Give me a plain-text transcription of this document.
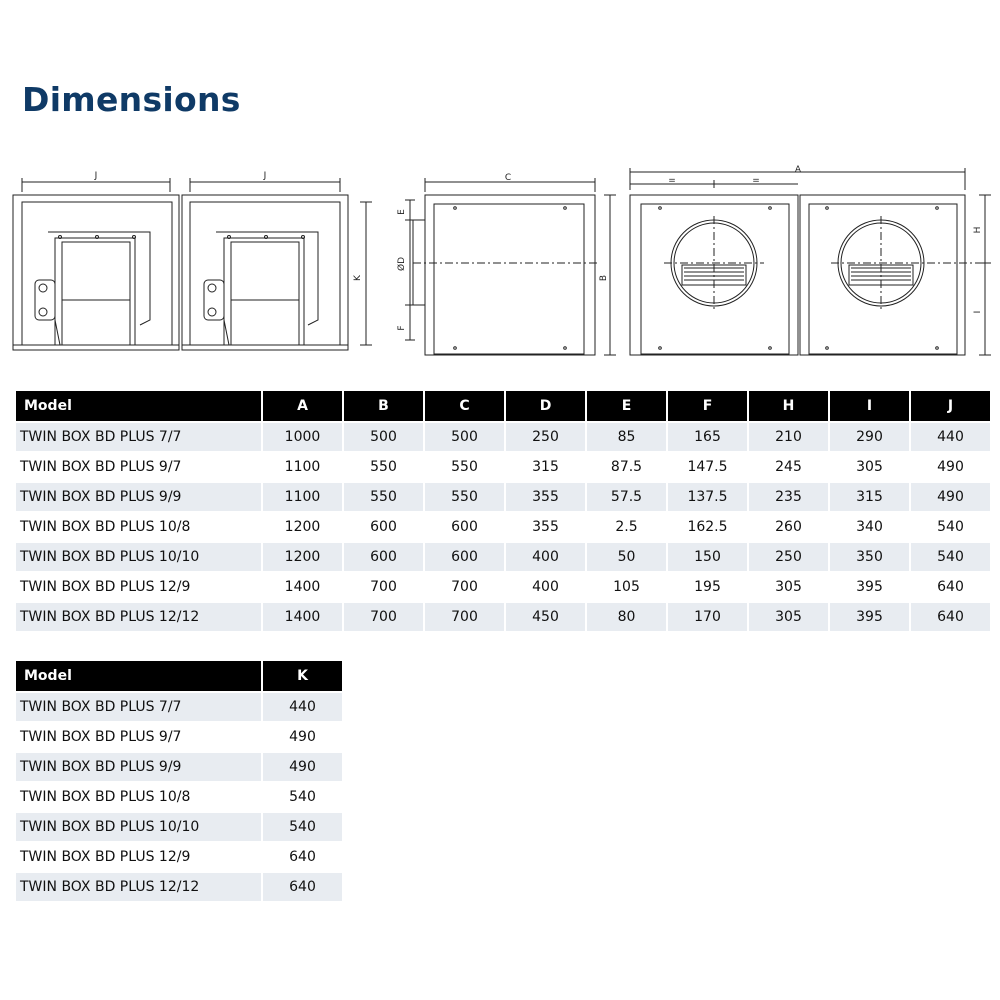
Dimensions
J	J
K
C
E
ØD
F
B
A
=	=
H
I
Model	A	B	C	D	E	F	H	I	J
TWIN BOX BD PLUS 7/7	1000	500	500	250	85	165	210	290	440
TWIN BOX BD PLUS 9/7	1100	550	550	315	87.5	147.5	245	305	490
TWIN BOX BD PLUS 9/9	1100	550	550	355	57.5	137.5	235	315	490
TWIN BOX BD PLUS 10/8	1200	600	600	355	2.5	162.5	260	340	540
TWIN BOX BD PLUS 10/10	1200	600	600	400	50	150	250	350	540
TWIN BOX BD PLUS 12/9	1400	700	700	400	105	195	305	395	640
TWIN BOX BD PLUS 12/12	1400	700	700	450	80	170	305	395	640
Model	K
TWIN BOX BD PLUS 7/7	440
TWIN BOX BD PLUS 9/7	490
TWIN BOX BD PLUS 9/9	490
TWIN BOX BD PLUS 10/8	540
TWIN BOX BD PLUS 10/10	540
TWIN BOX BD PLUS 12/9	640
TWIN BOX BD PLUS 12/12	640
